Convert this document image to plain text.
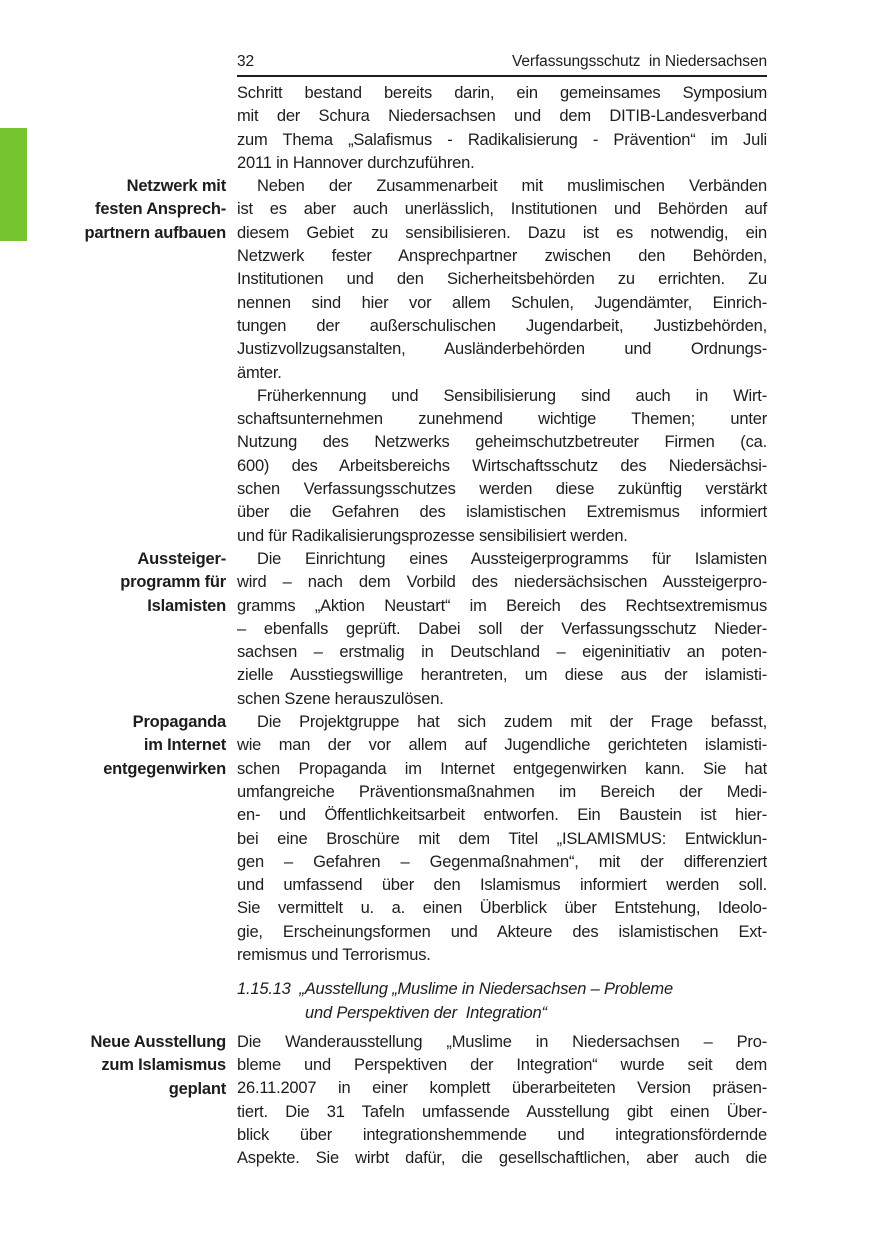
32	Verfassungsschutz  in Niedersachsen
Netzwerk mit
festen Ansprech-
partnern aufbauen
Aussteiger-
programm für
Islamisten
Propaganda
im Internet
entgegenwirken
Neue Ausstellung
zum Islamismus
geplant
Schritt bestand bereits darin, ein gemeinsames Symposium
mit der Schura Niedersachsen und dem DITIB-Landesverband
zum Thema „Salafismus - Radikalisierung - Prävention“ im Juli
2011 in Hannover durchzuführen.
Neben der Zusammenarbeit mit muslimischen Verbänden
ist es aber auch unerlässlich, Institutionen und Behörden auf
diesem Gebiet zu sensibilisieren. Dazu ist es notwendig, ein
Netzwerk fester Ansprechpartner zwischen den Behörden,
Institutionen und den Sicherheitsbehörden zu errichten. Zu
nennen sind hier vor allem Schulen, Jugendämter, Einrich-
tungen der außerschulischen Jugendarbeit, Justizbehörden,
Justizvollzugsanstalten, Ausländerbehörden und Ordnungs-
ämter.
Früherkennung und Sensibilisierung sind auch in Wirt-
schaftsunternehmen zunehmend wichtige Themen; unter
Nutzung des Netzwerks geheimschutzbetreuter Firmen (ca.
600) des Arbeitsbereichs Wirtschaftsschutz des Niedersächsi-
schen Verfassungsschutzes werden diese zukünftig verstärkt
über die Gefahren des islamistischen Extremismus informiert
und für Radikalisierungsprozesse sensibilisiert werden.
Die Einrichtung eines Aussteigerprogramms für Islamisten
wird – nach dem Vorbild des niedersächsischen Aussteigerpro-
gramms „Aktion Neustart“ im Bereich des Rechtsextremismus
– ebenfalls geprüft. Dabei soll der Verfassungsschutz Nieder-
sachsen – erstmalig in Deutschland – eigeninitiativ an poten-
zielle Ausstiegswillige herantreten, um diese aus der islamisti-
schen Szene herauszulösen.
Die Projektgruppe hat sich zudem mit der Frage befasst,
wie man der vor allem auf Jugendliche gerichteten islamisti-
schen Propaganda im Internet entgegenwirken kann. Sie hat
umfangreiche Präventionsmaßnahmen im Bereich der Medi-
en- und Öffentlichkeitsarbeit entworfen. Ein Baustein ist hier-
bei eine Broschüre mit dem Titel „ISLAMISMUS: Entwicklun-
gen – Gefahren – Gegenmaßnahmen“, mit der differenziert
und umfassend über den Islamismus informiert werden soll.
Sie vermittelt u. a. einen Überblick über Entstehung, Ideolo-
gie, Erscheinungsformen und Akteure des islamistischen Ext-
remismus und Terrorismus.
1.15.13  „Ausstellung „Muslime in Niedersachsen – Probleme
und Perspektiven der  Integration“
Die Wanderausstellung „Muslime in Niedersachsen – Pro-
bleme und Perspektiven der Integration“ wurde seit dem
26.11.2007 in einer komplett überarbeiteten Version präsen-
tiert. Die 31 Tafeln umfassende Ausstellung gibt einen Über-
blick über integrationshemmende und integrationsfördernde
Aspekte. Sie wirbt dafür, die gesellschaftlichen, aber auch die
